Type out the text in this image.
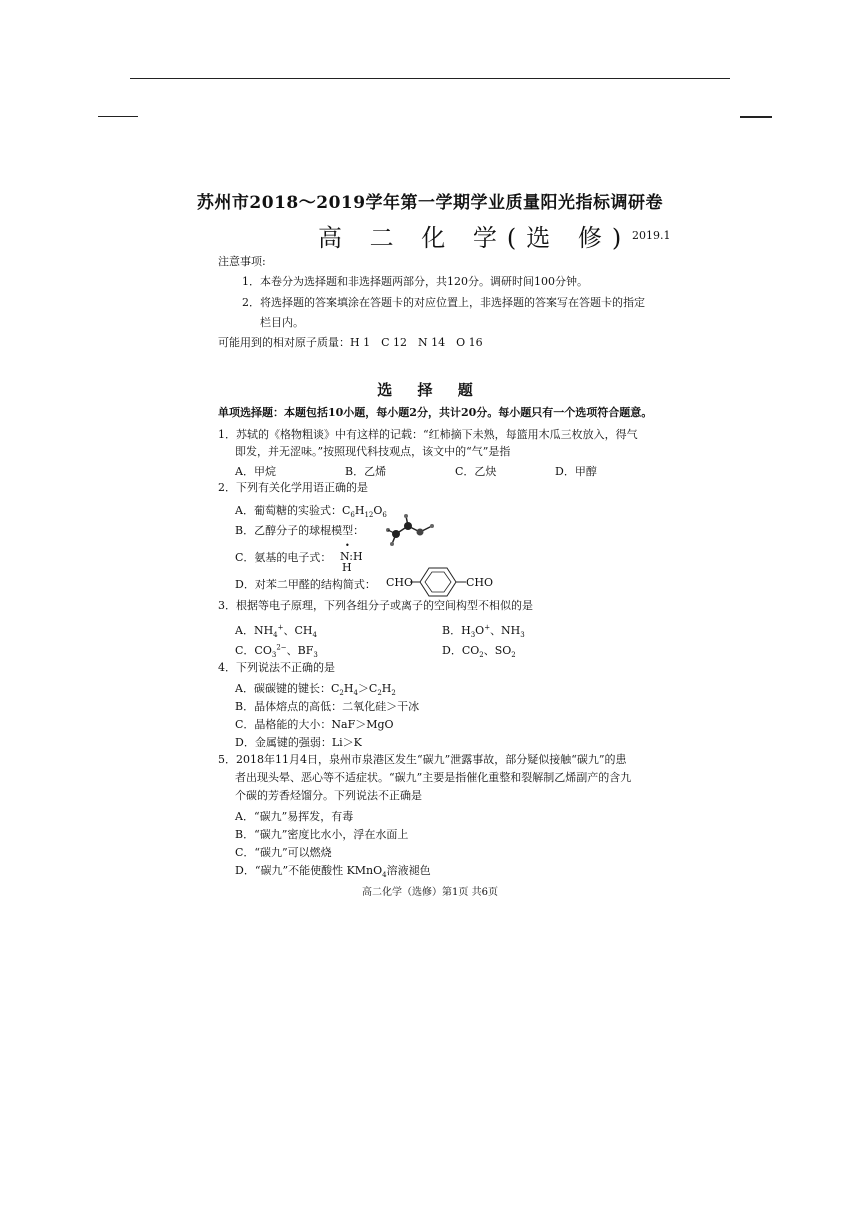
苏州市2018～2019学年第一学期学业质量阳光指标调研卷
高 二 化 学(选 修) 2019.1
注意事项:
1．本卷分为选择题和非选择题两部分，共120分。调研时间100分钟。
2．将选择题的答案填涂在答题卡的对应位置上，非选择题的答案写在答题卡的指定
栏目内。
可能用到的相对原子质量：H 1　C 12　N 14　O 16
选 择 题
单项选择题：本题包括10小题，每小题2分，共计20分。每小题只有一个选项符合题意。
1．苏轼的《格物粗谈》中有这样的记载：“红柿摘下未熟，每篮用木瓜三枚放入，得气
即发，并无涩味。”按照现代科技观点，该文中的“气”是指
A．甲烷	B．乙烯	C．乙炔	D．甲醇
2．下列有关化学用语正确的是
A．葡萄糖的实验式：$C_6H_{12}O_6$
B．乙醇分子的球棍模型：
C．氨基的电子式：
•
N:H
H
D．对苯二甲醛的结构简式： CHO	CHO
3．根据等电子原理，下列各组分子或离子的空间构型不相似的是
A．$NH_4^+$、$CH_4$	B．$H_3O^+$、$NH_3$
C．$CO_3^{2-}$、$BF_3$	D．$CO_2$、$SO_2$
4．下列说法不正确的是
A．碳碳键的键长：$C_2H_4>C_2H_2$
B．晶体熔点的高低：二氧化硅＞干冰
C．晶格能的大小：NaF＞MgO
D．金属键的强弱：Li＞K
5．2018年11月4日，泉州市泉港区发生“碳九”泄露事故，部分疑似接触“碳九”的患
者出现头晕、恶心等不适症状。“碳九”主要是指催化重整和裂解制乙烯副产的含九
个碳的芳香烃馏分。下列说法不正确是
A．“碳九”易挥发，有毒
B．“碳九”密度比水小，浮在水面上
C．“碳九”可以燃烧
D．“碳九”不能使酸性 KMnO$_4$溶液褪色
高二化学（选修）第1页 共6页
